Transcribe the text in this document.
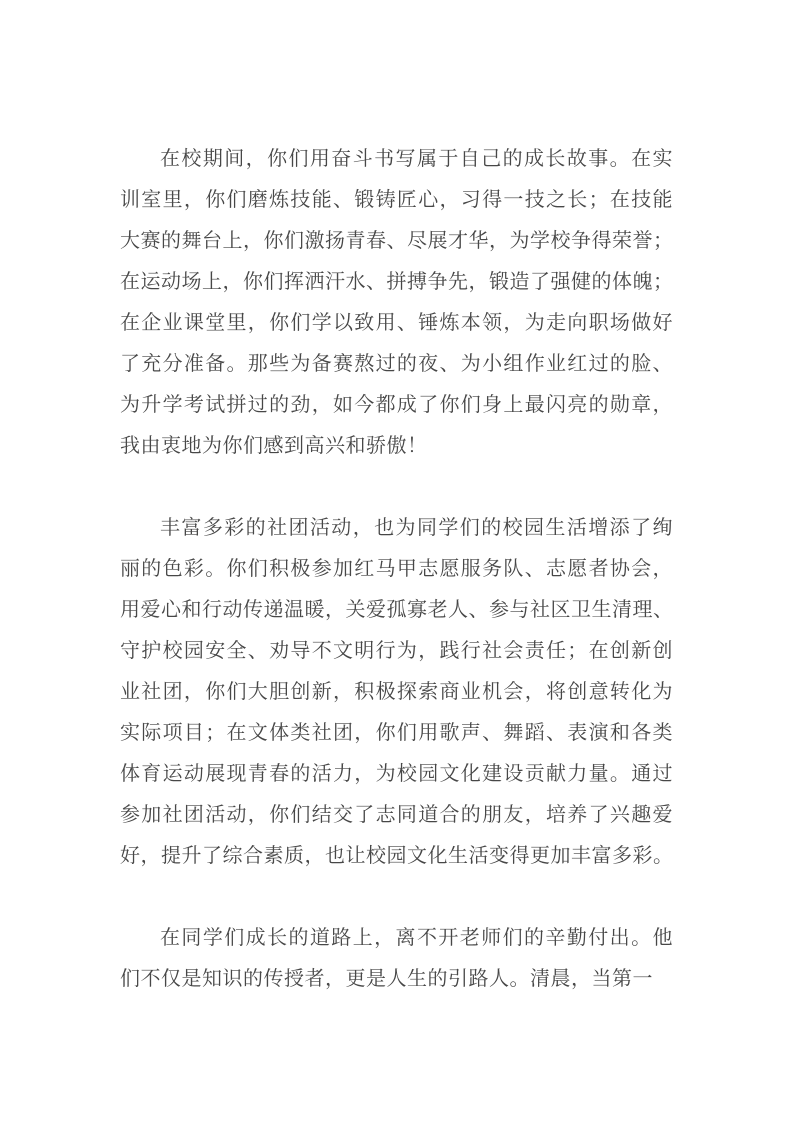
在校期间，你们用奋斗书写属于自己的成长故事。在实
训室里，你们磨炼技能、锻铸匠心，习得一技之长；在技能
大赛的舞台上，你们激扬青春、尽展才华，为学校争得荣誉；
在运动场上，你们挥洒汗水、拼搏争先，锻造了强健的体魄；
在企业课堂里，你们学以致用、锤炼本领，为走向职场做好
了充分准备。那些为备赛熬过的夜、为小组作业红过的脸、
为升学考试拼过的劲，如今都成了你们身上最闪亮的勋章，
我由衷地为你们感到高兴和骄傲！
丰富多彩的社团活动，也为同学们的校园生活增添了绚
丽的色彩。你们积极参加红马甲志愿服务队、志愿者协会，
用爱心和行动传递温暖，关爱孤寡老人、参与社区卫生清理、
守护校园安全、劝导不文明行为，践行社会责任；在创新创
业社团，你们大胆创新，积极探索商业机会，将创意转化为
实际项目；在文体类社团，你们用歌声、舞蹈、表演和各类
体育运动展现青春的活力，为校园文化建设贡献力量。通过
参加社团活动，你们结交了志同道合的朋友，培养了兴趣爱
好，提升了综合素质，也让校园文化生活变得更加丰富多彩。
在同学们成长的道路上，离不开老师们的辛勤付出。他
们不仅是知识的传授者，更是人生的引路人。清晨，当第一
